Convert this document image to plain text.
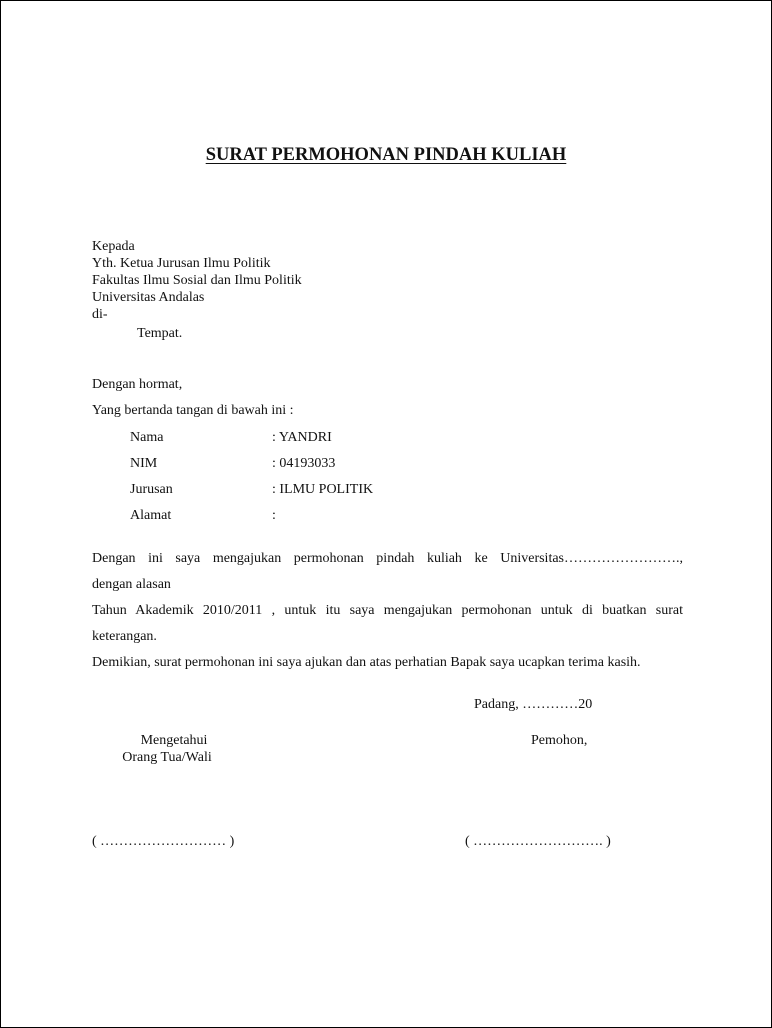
SURAT PERMOHONAN PINDAH KULIAH
Kepada
Yth. Ketua Jurusan Ilmu Politik
Fakultas Ilmu Sosial dan Ilmu Politik
Universitas Andalas
di-
Tempat.
Dengan hormat,
Yang bertanda tangan di bawah ini :
Nama	: YANDRI
NIM	: 04193033
Jurusan	: ILMU POLITIK
Alamat	:
Dengan ini saya mengajukan permohonan pindah kuliah ke Universitas…………………….,
dengan alasan
Tahun Akademik 2010/2011 , untuk itu saya mengajukan permohonan untuk di buatkan surat
keterangan.
Demikian, surat permohonan ini saya ajukan dan atas perhatian Bapak saya ucapkan terima kasih.
Padang, …………20
Mengetahui
Orang Tua/Wali
Pemohon,
( ……………………… )	( ………………………. )
